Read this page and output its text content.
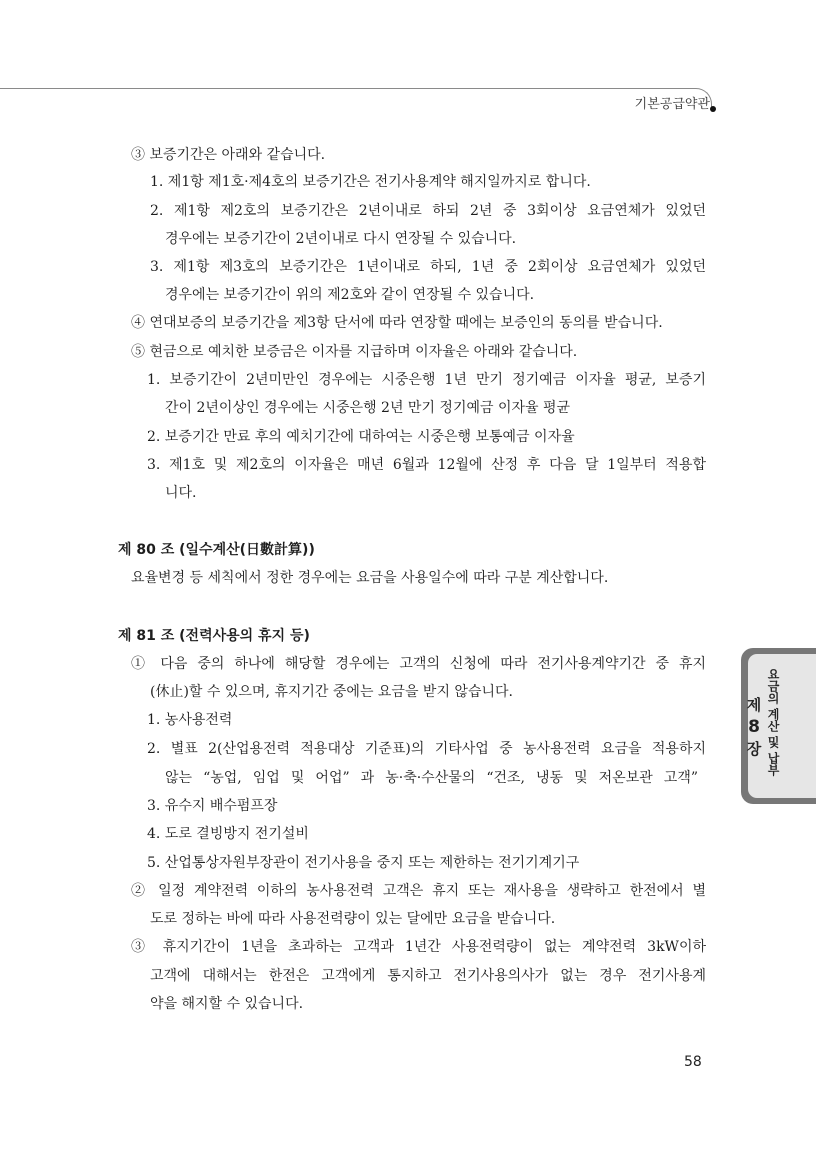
기본공급약관
③ 보증기간은 아래와 같습니다.
1. 제1항 제1호·제4호의 보증기간은 전기사용계약 해지일까지로 합니다.
2. 제1항 제2호의 보증기간은 2년이내로 하되 2년 중 3회이상 요금연체가 있었던
경우에는 보증기간이 2년이내로 다시 연장될 수 있습니다.
3. 제1항 제3호의 보증기간은 1년이내로 하되, 1년 중 2회이상 요금연체가 있었던
경우에는 보증기간이 위의 제2호와 같이 연장될 수 있습니다.
④ 연대보증의 보증기간을 제3항 단서에 따라 연장할 때에는 보증인의 동의를 받습니다.
⑤ 현금으로 예치한 보증금은 이자를 지급하며 이자율은 아래와 같습니다.
1. 보증기간이 2년미만인 경우에는 시중은행 1년 만기 정기예금 이자율 평균, 보증기
간이 2년이상인 경우에는 시중은행 2년 만기 정기예금 이자율 평균
2. 보증기간 만료 후의 예치기간에 대하여는 시중은행 보통예금 이자율
3. 제1호 및 제2호의 이자율은 매년 6월과 12월에 산정 후 다음 달 1일부터 적용합
니다.
제 80 조 (일수계산(日數計算))
요율변경 등 세칙에서 정한 경우에는 요금을 사용일수에 따라 구분 계산합니다.
제 81 조 (전력사용의 휴지 등)
① 다음 중의 하나에 해당할 경우에는 고객의 신청에 따라 전기사용계약기간 중 휴지
(休止)할 수 있으며, 휴지기간 중에는 요금을 받지 않습니다.
1. 농사용전력
2. 별표 2(산업용전력 적용대상 기준표)의 기타사업 중 농사용전력 요금을 적용하지
않는 “농업, 임업 및 어업” 과 농·축·수산물의 “건조, 냉동 및 저온보관 고객”
3. 유수지 배수펌프장
4. 도로 결빙방지 전기설비
5. 산업통상자원부장관이 전기사용을 중지 또는 제한하는 전기기계기구
② 일정 계약전력 이하의 농사용전력 고객은 휴지 또는 재사용을 생략하고 한전에서 별
도로 정하는 바에 따라 사용전력량이 있는 달에만 요금을 받습니다.
③ 휴지기간이 1년을 초과하는 고객과 1년간 사용전력량이 없는 계약전력 3kW이하
고객에 대해서는 한전은 고객에게 통지하고 전기사용의사가 없는 경우 전기사용계
약을 해지할 수 있습니다.
제
8
장
요금의
계산
및
납부
58
